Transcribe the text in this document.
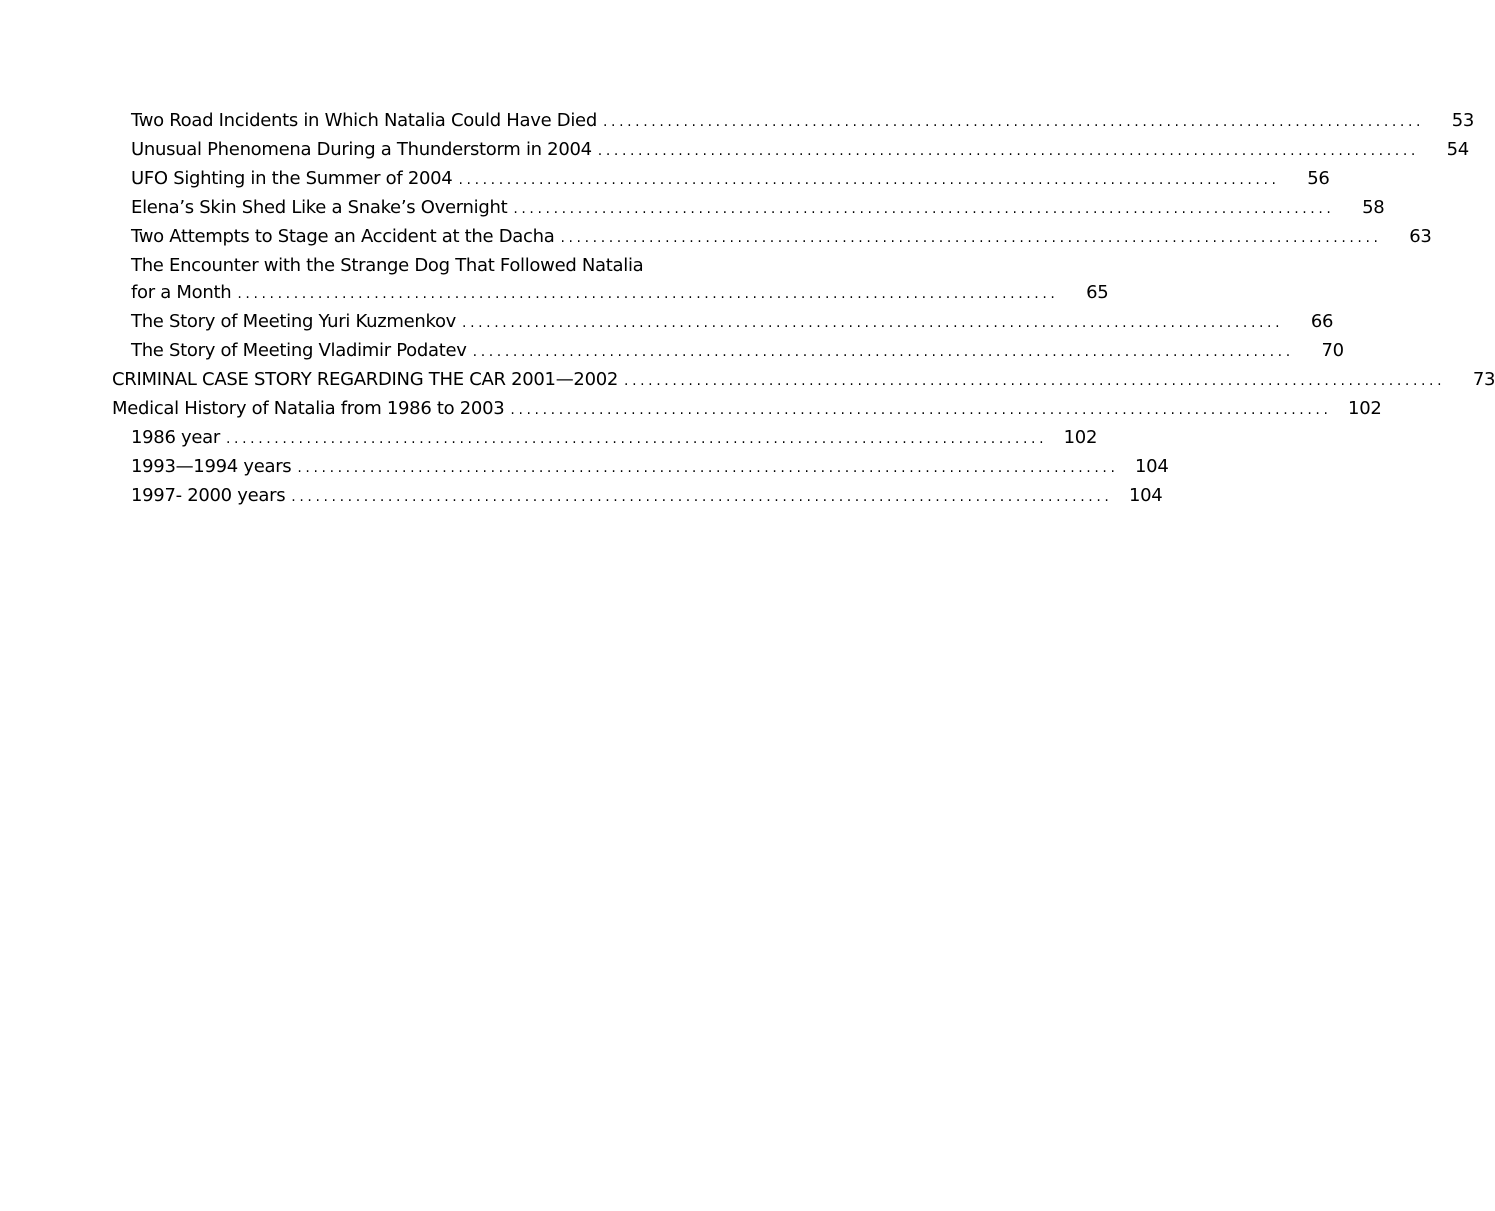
Two Road Incidents in Which Natalia Could Have Died ......................................................................................................	53
Unusual Phenomena During a Thunderstorm in 2004 ......................................................................................................	54
UFO Sighting in the Summer of 2004 ......................................................................................................	56
Elena’s Skin Shed Like a Snake’s Overnight ......................................................................................................	58
Two Attempts to Stage an Accident at the Dacha ......................................................................................................	63
The Encounter with the Strange Dog That Followed Natalia
for a Month ......................................................................................................	65
The Story of Meeting Yuri Kuzmenkov ......................................................................................................	66
The Story of Meeting Vladimir Podatev ......................................................................................................	70
CRIMINAL CASE STORY REGARDING THE CAR 2001—2002 ......................................................................................................	73
Medical History of Natalia from 1986 to 2003 ...................................................................................................... 102
1986 year ...................................................................................................... 102
1993—1994 years ...................................................................................................... 104
1997- 2000 years ...................................................................................................... 104
